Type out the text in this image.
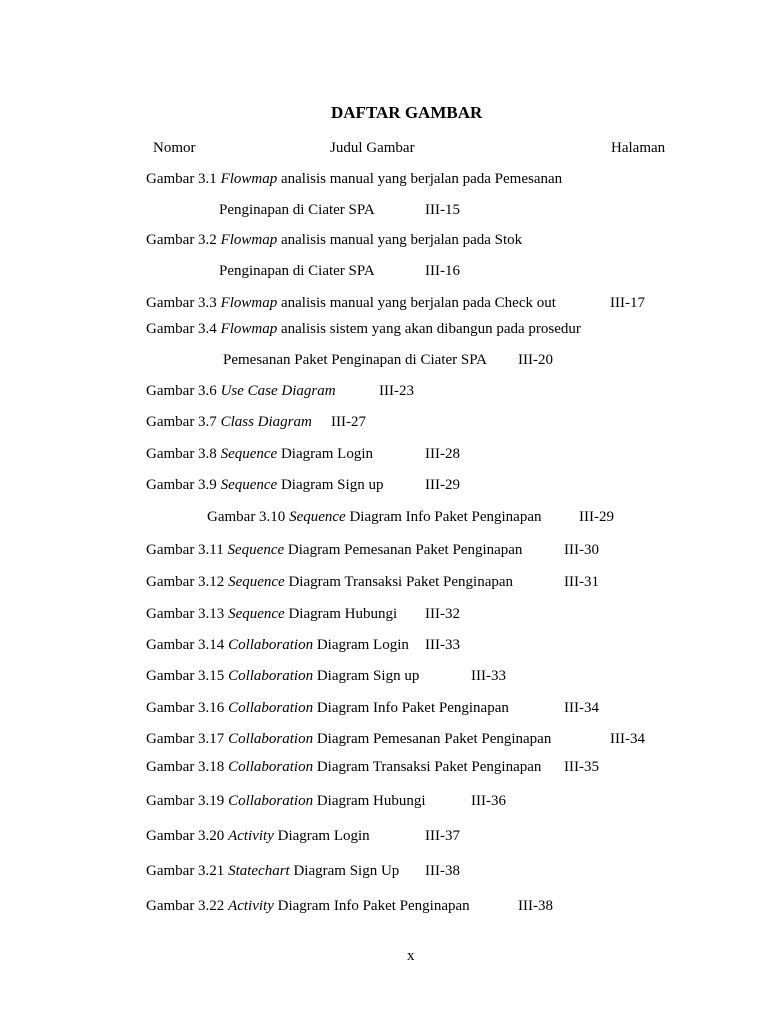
DAFTAR GAMBAR
Nomor	Judul Gambar	Halaman
Gambar 3.1 Flowmap analisis manual yang berjalan pada Pemesanan
Penginapan di Ciater SPA	III-15
Gambar 3.2 Flowmap analisis manual yang berjalan pada Stok
Penginapan di Ciater SPA	III-16
Gambar 3.3 Flowmap analisis manual yang berjalan pada Check out	III-17
Gambar 3.4 Flowmap analisis sistem yang akan dibangun pada prosedur
Pemesanan Paket Penginapan di Ciater SPA III-20
Gambar 3.6 Use Case Diagram	III-23
Gambar 3.7 Class Diagram III-27
Gambar 3.8 Sequence Diagram Login	III-28
Gambar 3.9 Sequence Diagram Sign up	III-29
Gambar 3.10 Sequence Diagram Info Paket Penginapan	III-29
Gambar 3.11 Sequence Diagram Pemesanan Paket Penginapan	III-30
Gambar 3.12 Sequence Diagram Transaksi Paket Penginapan	III-31
Gambar 3.13 Sequence Diagram Hubungi III-32
Gambar 3.14 Collaboration Diagram Login III-33
Gambar 3.15 Collaboration Diagram Sign up	III-33
Gambar 3.16 Collaboration Diagram Info Paket Penginapan	III-34
Gambar 3.17 Collaboration Diagram Pemesanan Paket Penginapan	III-34
Gambar 3.18 Collaboration Diagram Transaksi Paket Penginapan III-35
Gambar 3.19 Collaboration Diagram Hubungi	III-36
Gambar 3.20 Activity Diagram Login	III-37
Gambar 3.21 Statechart Diagram Sign Up III-38
Gambar 3.22 Activity Diagram Info Paket Penginapan	III-38
x
